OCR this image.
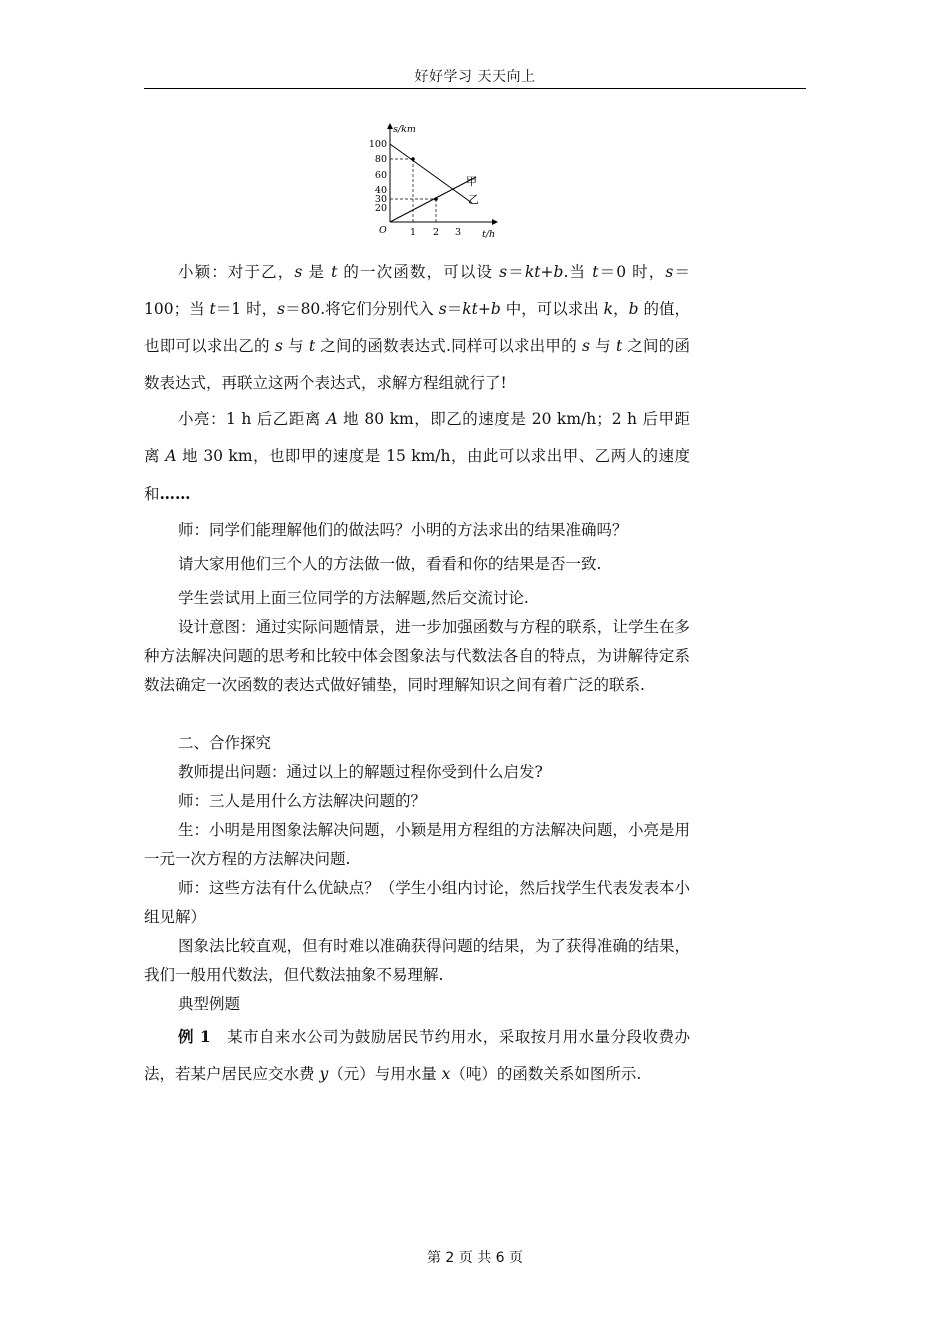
好好学习 天天向上
s/km
100
80
60
40
30
20
O 1 2 3 t/h
甲
乙

小颖：对于乙，s 是 t 的一次函数，可以设 s＝kt+b.当 t＝0 时，s＝100；当 t＝1 时，s＝80.将它们分别代入 s＝kt+b 中，可以求出 k，b 的值，也即可以求出乙的 s 与 t 之间的函数表达式.同样可以求出甲的 s 与 t 之间的函数表达式，再联立这两个表达式，求解方程组就行了!

小亮：1 h 后乙距离 A 地 80 km，即乙的速度是 20 km/h；2 h 后甲距离 A 地 30 km，也即甲的速度是 15 km/h，由此可以求出甲、乙两人的速度和……

师：同学们能理解他们的做法吗？小明的方法求出的结果准确吗？

请大家用他们三个人的方法做一做，看看和你的结果是否一致.

学生尝试用上面三位同学的方法解题,然后交流讨论.

设计意图：通过实际问题情景，进一步加强函数与方程的联系，让学生在多种方法解决问题的思考和比较中体会图象法与代数法各自的特点，为讲解待定系数法确定一次函数的表达式做好铺垫，同时理解知识之间有着广泛的联系.

二、合作探究

教师提出问题：通过以上的解题过程你受到什么启发?

师：三人是用什么方法解决问题的？

生：小明是用图象法解决问题，小颖是用方程组的方法解决问题，小亮是用一元一次方程的方法解决问题.

师：这些方法有什么优缺点？（学生小组内讨论，然后找学生代表发表本小组见解）

图象法比较直观，但有时难以准确获得问题的结果，为了获得准确的结果，我们一般用代数法，但代数法抽象不易理解.

典型例题

例 1　某市自来水公司为鼓励居民节约用水，采取按月用水量分段收费办法，若某户居民应交水费 y（元）与用水量 x（吨）的函数关系如图所示.

第 2 页 共 6 页
